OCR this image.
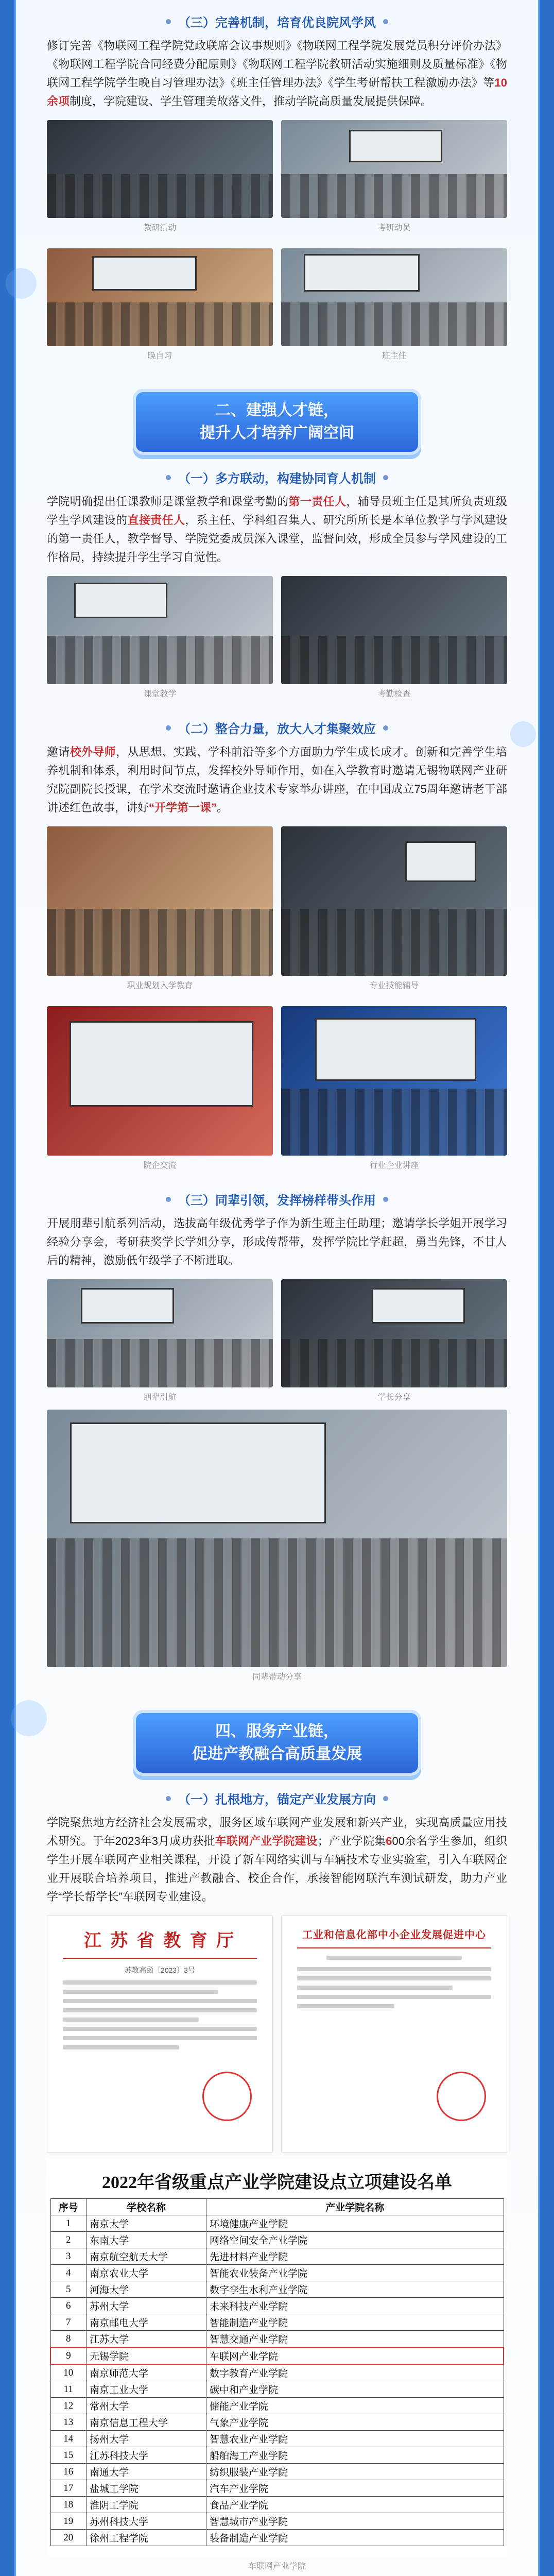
（三）完善机制，培育优良院风学风

修订完善《物联网工程学院党政联席会议事规则》《物联网工程学院发展党员积分评价办法》《物联网工程学院合同经费分配原则》《物联网工程学院教研活动实施细则及质量标准》《物联网工程学院学生晚自习管理办法》《班主任管理办法》《学生考研帮扶工程激励办法》等10余项制度，学院建设、学生管理美故落文件，推动学院高质量发展提供保障。

教研活动	考研动员
晚自习	班主任
二、建强人才链，
提升人才培养广阔空间
（一）多方联动，构建协同育人机制

学院明确提出任课教师是课堂教学和课堂考勤的第一责任人，辅导员班主任是其所负责班级学生学风建设的直接责任人，系主任、学科组召集人、研究所所长是本单位教学与学风建设的第一责任人，教学督导、学院党委成员深入课堂，监督问效，形成全员参与学风建设的工作格局，持续提升学生学习自觉性。

课堂教学	考勤检查
（二）整合力量，放大人才集聚效应

邀请校外导师，从思想、实践、学科前沿等多个方面助力学生成长成才。创新和完善学生培养机制和体系，利用时间节点，发挥校外导师作用，如在入学教育时邀请无锡物联网产业研究院副院长授课，在学术交流时邀请企业技术专家举办讲座，在中国成立75周年邀请老干部讲述红色故事，讲好“开学第一课”。

职业规划入学教育	专业技能辅导
院企交流	行业企业讲座
（三）同辈引领，发挥榜样带头作用

开展朋辈引航系列活动，选拔高年级优秀学子作为新生班主任助理；邀请学长学姐开展学习经验分享会，考研获奖学长学姐分享，形成传帮带，发挥学院比学赶超，勇当先锋，不甘人后的精神，激励低年级学子不断进取。

朋辈引航	学长分享
同辈带动分享
四、服务产业链，
促进产教融合高质量发展
（一）扎根地方，锚定产业发展方向

学院聚焦地方经济社会发展需求，服务区域车联网产业发展和新兴产业，实现高质量应用技术研究。于年2023年3月成功获批车联网产业学院建设；产业学院集600余名学生参加，组织学生开展车联网产业相关课程，开设了新车网络实训与车辆技术专业实验室，引入车联网企业开展联合培养项目，推进产教融合、校企合作，承接智能网联汽车测试研发，助力产业学“学长帮学长”车联网专业建设。

江 苏 省 教 育 厅
苏教高函〔2023〕3号
工业和信息化部中小企业发展促进中心
2022年省级重点产业学院建设点立项建设名单
序号	学校名称	产业学院名称
1	南京大学	环境健康产业学院
2	东南大学	网络空间安全产业学院
3	南京航空航天大学	先进材料产业学院
4	南京农业大学	智能农业装备产业学院
5	河海大学	数字孪生水利产业学院
6	苏州大学	未来科技产业学院
7	南京邮电大学	智能制造产业学院
8	江苏大学	智慧交通产业学院
9	无锡学院	车联网产业学院
10	南京师范大学	数字教育产业学院
11	南京工业大学	碳中和产业学院
12	常州大学	储能产业学院
13	南京信息工程大学	气象产业学院
14	扬州大学	智慧农业产业学院
15	江苏科技大学	船舶海工产业学院
16	南通大学	纺织服装产业学院
17	盐城工学院	汽车产业学院
18	淮阴工学院	食品产业学院
19	苏州科技大学	智慧城市产业学院
20	徐州工程学院	装备制造产业学院
车联网产业学院
